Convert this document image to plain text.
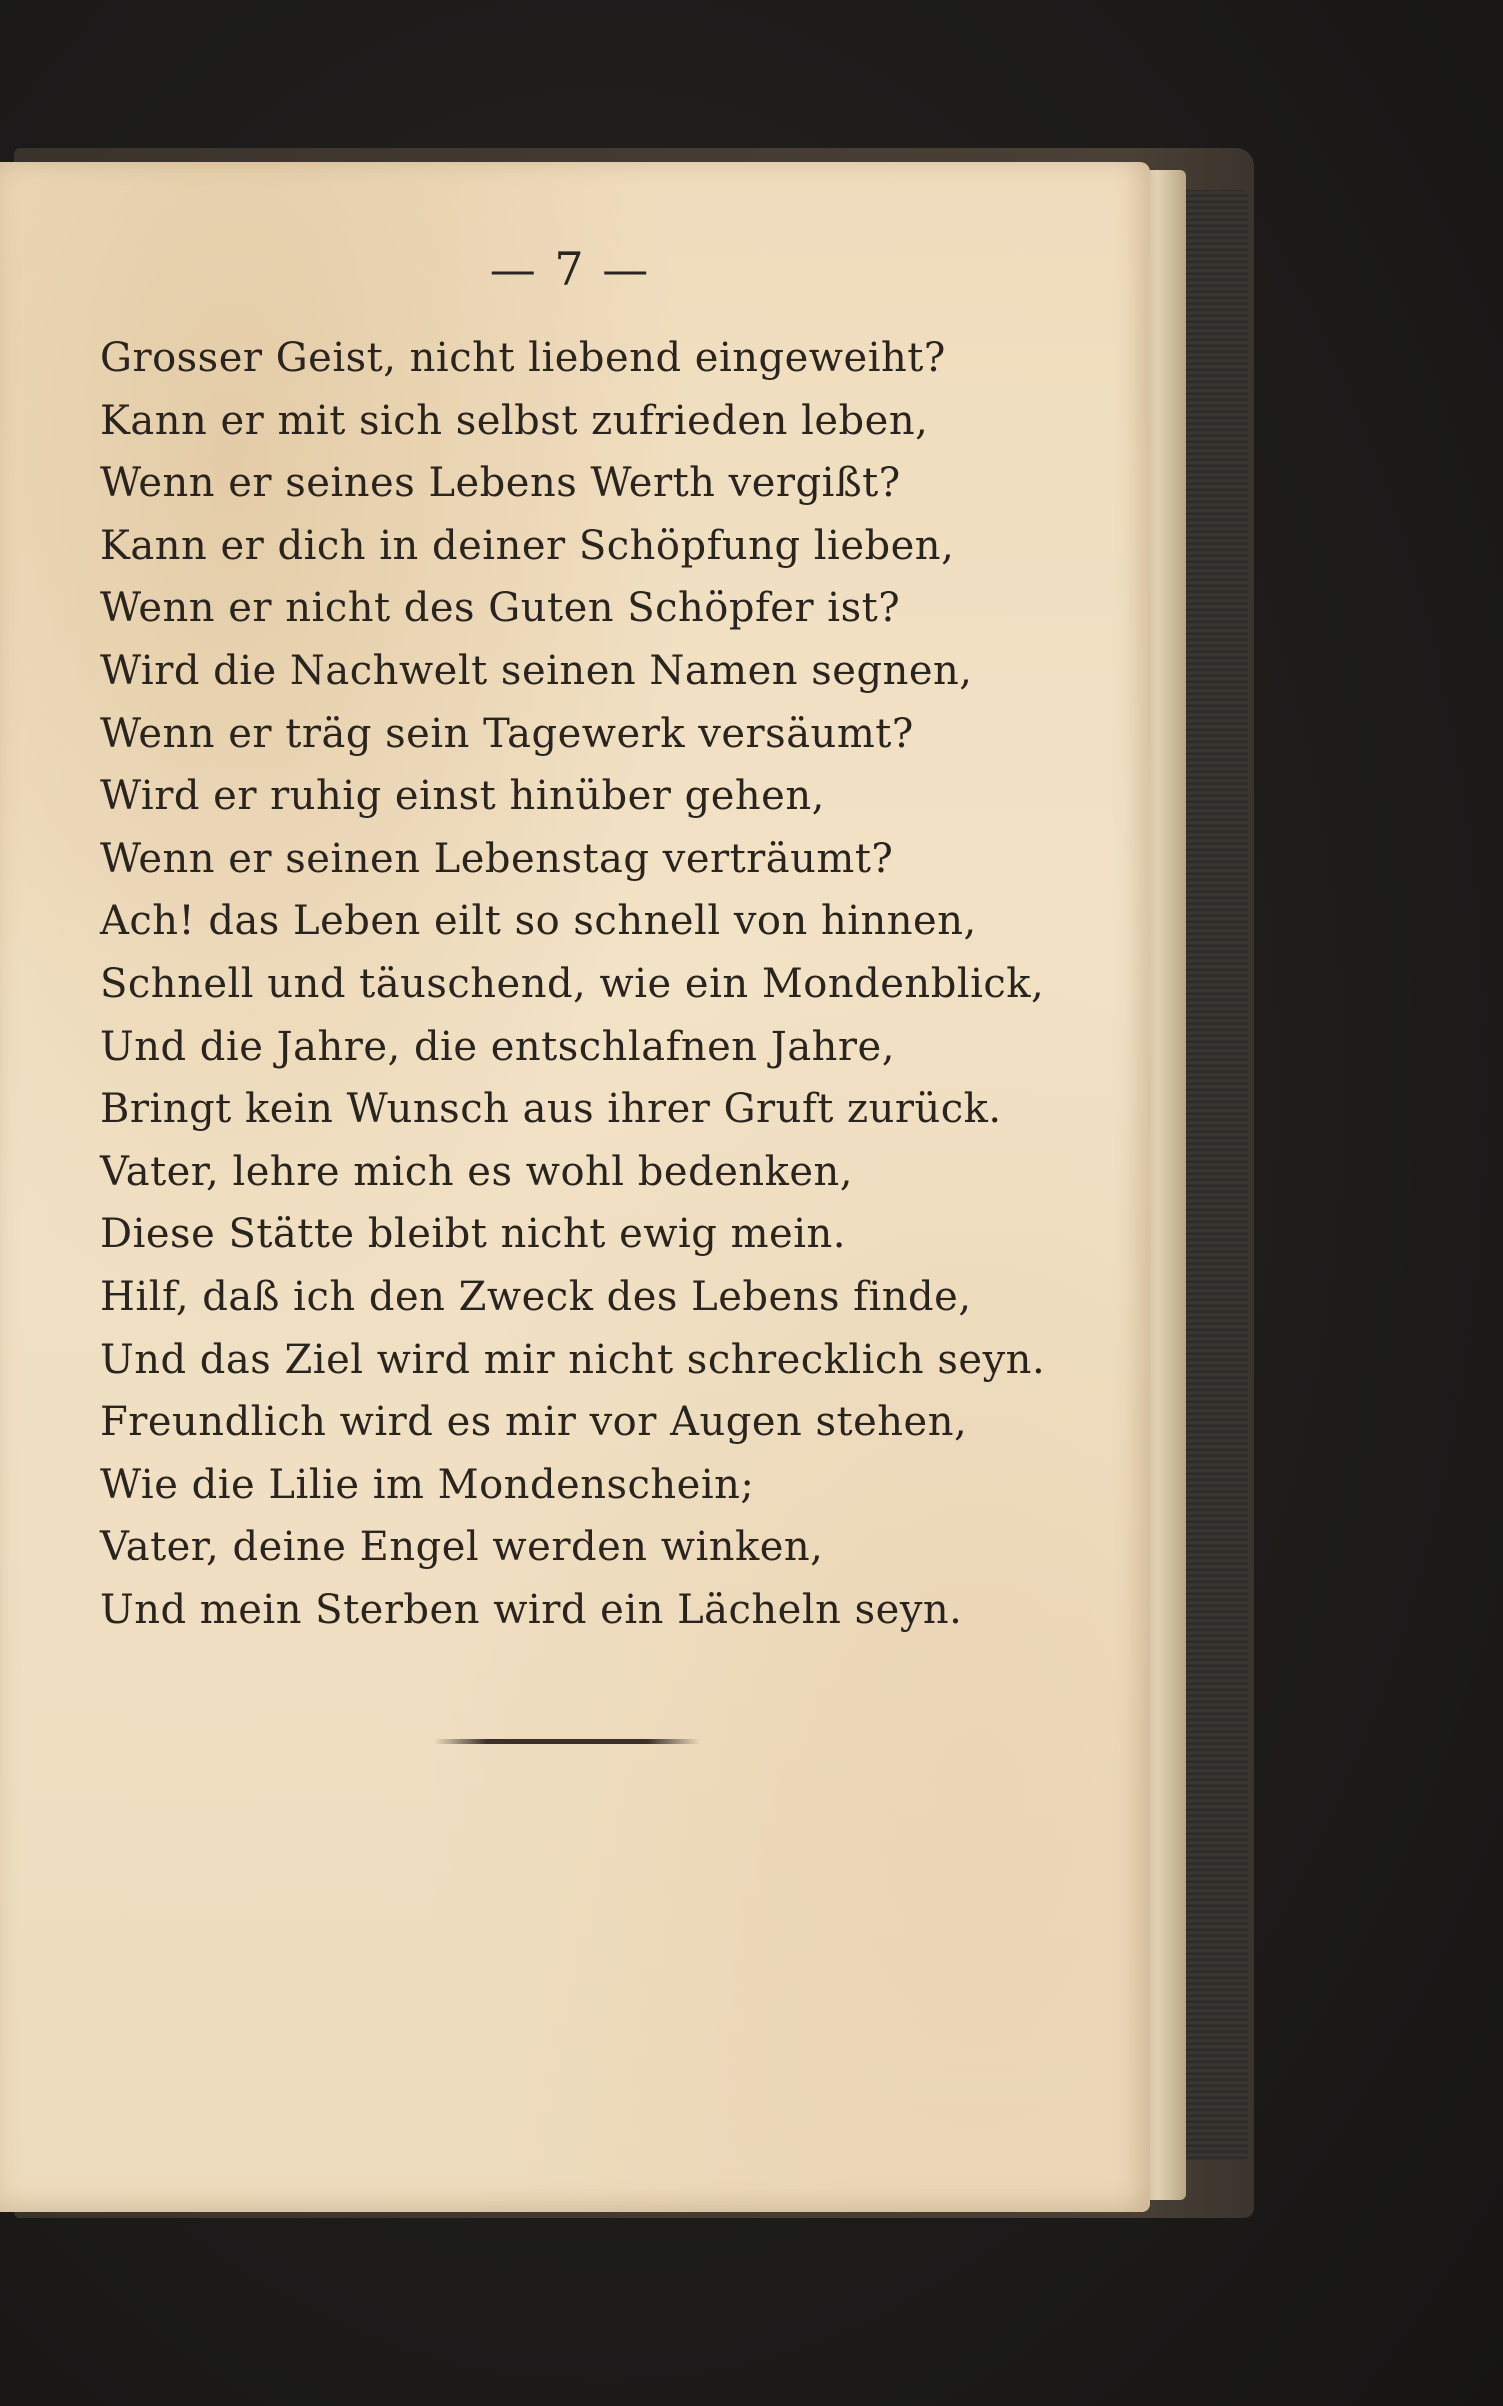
— 7 —
Grosser Geist, nicht liebend eingeweiht?
Kann er mit sich selbst zufrieden leben,
Wenn er seines Lebens Werth vergißt?
Kann er dich in deiner Schöpfung lieben,
Wenn er nicht des Guten Schöpfer ist?
Wird die Nachwelt seinen Namen segnen,
Wenn er träg sein Tagewerk versäumt?
Wird er ruhig einst hinüber gehen,
Wenn er seinen Lebenstag verträumt?
Ach! das Leben eilt so schnell von hinnen,
Schnell und täuschend, wie ein Mondenblick,
Und die Jahre, die entschlafnen Jahre,
Bringt kein Wunsch aus ihrer Gruft zurück.
Vater, lehre mich es wohl bedenken,
Diese Stätte bleibt nicht ewig mein.
Hilf, daß ich den Zweck des Lebens finde,
Und das Ziel wird mir nicht schrecklich seyn.
Freundlich wird es mir vor Augen stehen,
Wie die Lilie im Mondenschein;
Vater, deine Engel werden winken,
Und mein Sterben wird ein Lächeln seyn.
